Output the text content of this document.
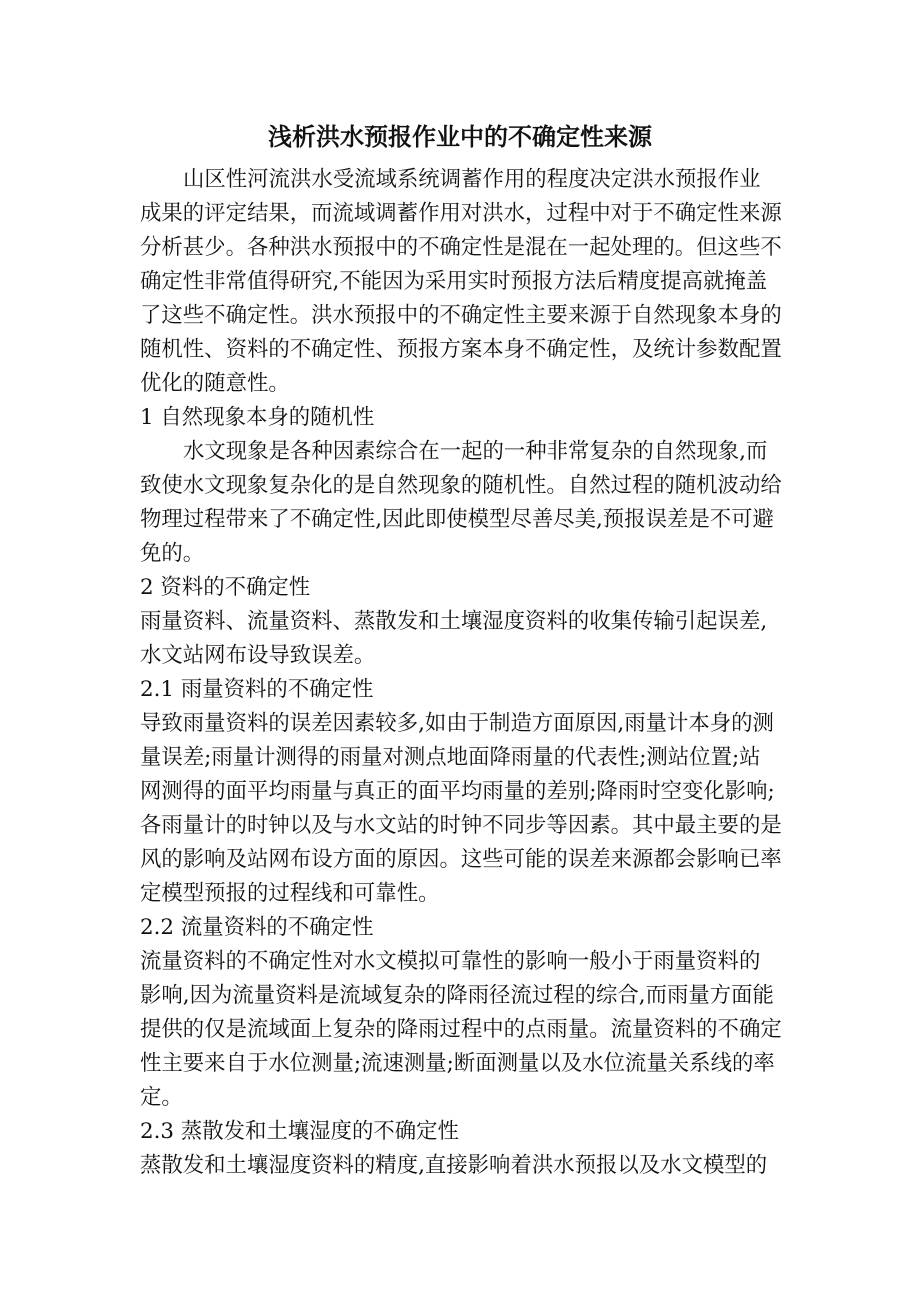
浅析洪水预报作业中的不确定性来源
山区性河流洪水受流域系统调蓄作用的程度决定洪水预报作业
成果的评定结果，而流域调蓄作用对洪水，过程中对于不确定性来源
分析甚少。各种洪水预报中的不确定性是混在一起处理的。但这些不
确定性非常值得研究,不能因为采用实时预报方法后精度提高就掩盖
了这些不确定性。洪水预报中的不确定性主要来源于自然现象本身的
随机性、资料的不确定性、预报方案本身不确定性，及统计参数配置
优化的随意性。
1 自然现象本身的随机性
水文现象是各种因素综合在一起的一种非常复杂的自然现象,而
致使水文现象复杂化的是自然现象的随机性。自然过程的随机波动给
物理过程带来了不确定性,因此即使模型尽善尽美,预报误差是不可避
免的。
2 资料的不确定性
雨量资料、流量资料、蒸散发和土壤湿度资料的收集传输引起误差,
水文站网布设导致误差。
2.1 雨量资料的不确定性
导致雨量资料的误差因素较多,如由于制造方面原因,雨量计本身的测
量误差;雨量计测得的雨量对测点地面降雨量的代表性;测站位置;站
网测得的面平均雨量与真正的面平均雨量的差别;降雨时空变化影响;
各雨量计的时钟以及与水文站的时钟不同步等因素。其中最主要的是
风的影响及站网布设方面的原因。这些可能的误差来源都会影响已率
定模型预报的过程线和可靠性。
2.2 流量资料的不确定性
流量资料的不确定性对水文模拟可靠性的影响一般小于雨量资料的
影响,因为流量资料是流域复杂的降雨径流过程的综合,而雨量方面能
提供的仅是流域面上复杂的降雨过程中的点雨量。流量资料的不确定
性主要来自于水位测量;流速测量;断面测量以及水位流量关系线的率
定。
2.3 蒸散发和土壤湿度的不确定性
蒸散发和土壤湿度资料的精度,直接影响着洪水预报以及水文模型的
